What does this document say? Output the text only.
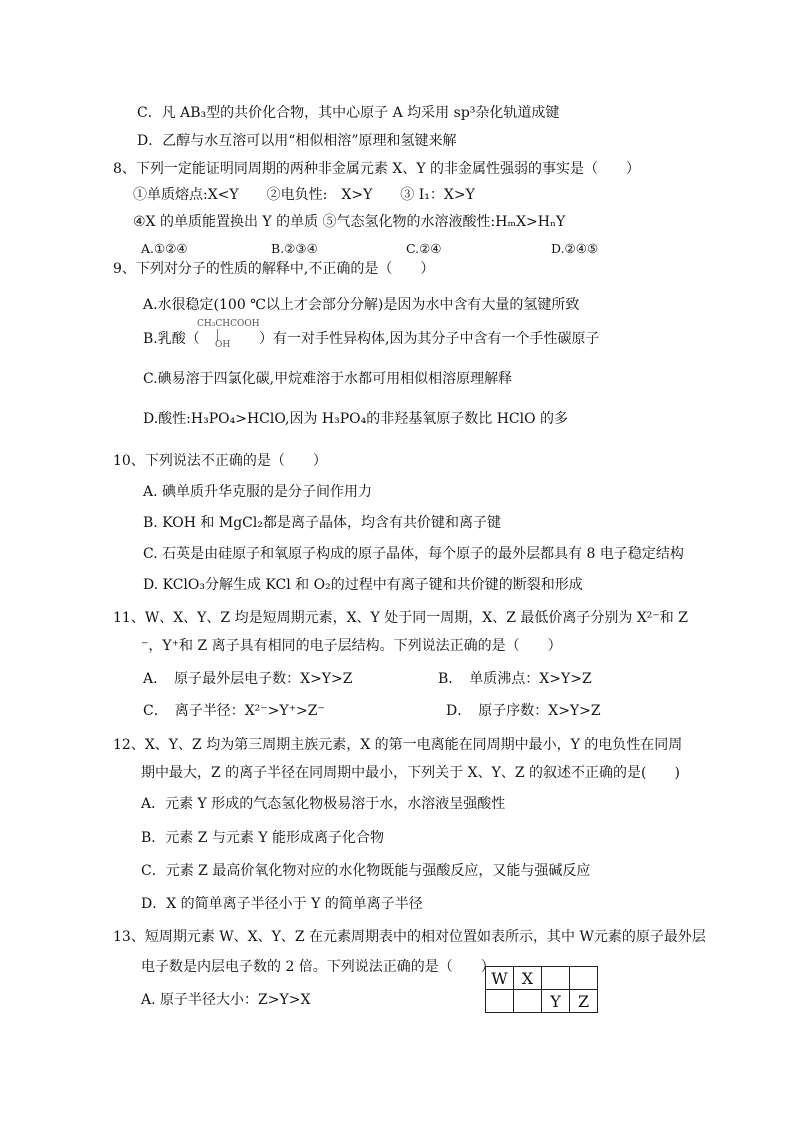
C．凡 AB₃型的共价化合物，其中心原子 A 均采用 sp³杂化轨道成键
D．乙醇与水互溶可以用“相似相溶”原理和氢键来解
8、下列一定能证明同周期的两种非金属元素 X、Y 的非金属性强弱的事实是（　　）
①单质熔点:X<Y　　②电负性:　X>Y　　③ I₁：X>Y
④X 的单质能置换出 Y 的单质 ⑤气态氢化物的水溶液酸性:HₘX>HₙY
A.①②④	B.②③④	C.②④	D.②④⑤
9、下列对分子的性质的解释中,不正确的是（　　）
A.水很稳定(100 ℃以上才会部分分解)是因为水中含有大量的氢键所致
B.乳酸（
CH₃CHCOOH
OH ）有一对手性异构体,因为其分子中含有一个手性碳原子
C.碘易溶于四氯化碳,甲烷难溶于水都可用相似相溶原理解释
D.酸性:H₃PO₄>HClO,因为 H₃PO₄的非羟基氧原子数比 HClO 的多
10、下列说法不正确的是（　　）
A. 碘单质升华克服的是分子间作用力
B. KOH 和 MgCl₂都是离子晶体，均含有共价键和离子键
C. 石英是由硅原子和氧原子构成的原子晶体，每个原子的最外层都具有 8 电子稳定结构
D. KClO₃分解生成 KCl 和 O₂的过程中有离子键和共价键的断裂和形成
11、W、X、Y、Z 均是短周期元素，X、Y 处于同一周期，X、Z 最低价离子分别为 X²⁻和 Z
⁻，Y⁺和 Z 离子具有相同的电子层结构。下列说法正确的是（　　）
A．　原子最外层电子数：X>Y>Z	B．　单质沸点：X>Y>Z
C．　离子半径：X²⁻>Y⁺>Z⁻	D．　原子序数：X>Y>Z
12、X、Y、Z 均为第三周期主族元素，X 的第一电离能在同周期中最小，Y 的电负性在同周
期中最大，Z 的离子半径在同周期中最小，下列关于 X、Y、Z 的叙述不正确的是(　　)
A．元素 Y 形成的气态氢化物极易溶于水，水溶液呈强酸性
B．元素 Z 与元素 Y 能形成离子化合物
C．元素 Z 最高价氧化物对应的水化物既能与强酸反应，又能与强碱反应
D．X 的简单离子半径小于 Y 的简单离子半径
13、短周期元素 W、X、Y、Z 在元素周期表中的相对位置如表所示，其中 W元素的原子最外层
电子数是内层电子数的 2 倍。下列说法正确的是（　　）
A. 原子半径大小：Z>Y>X
W	X		
		Y	Z
